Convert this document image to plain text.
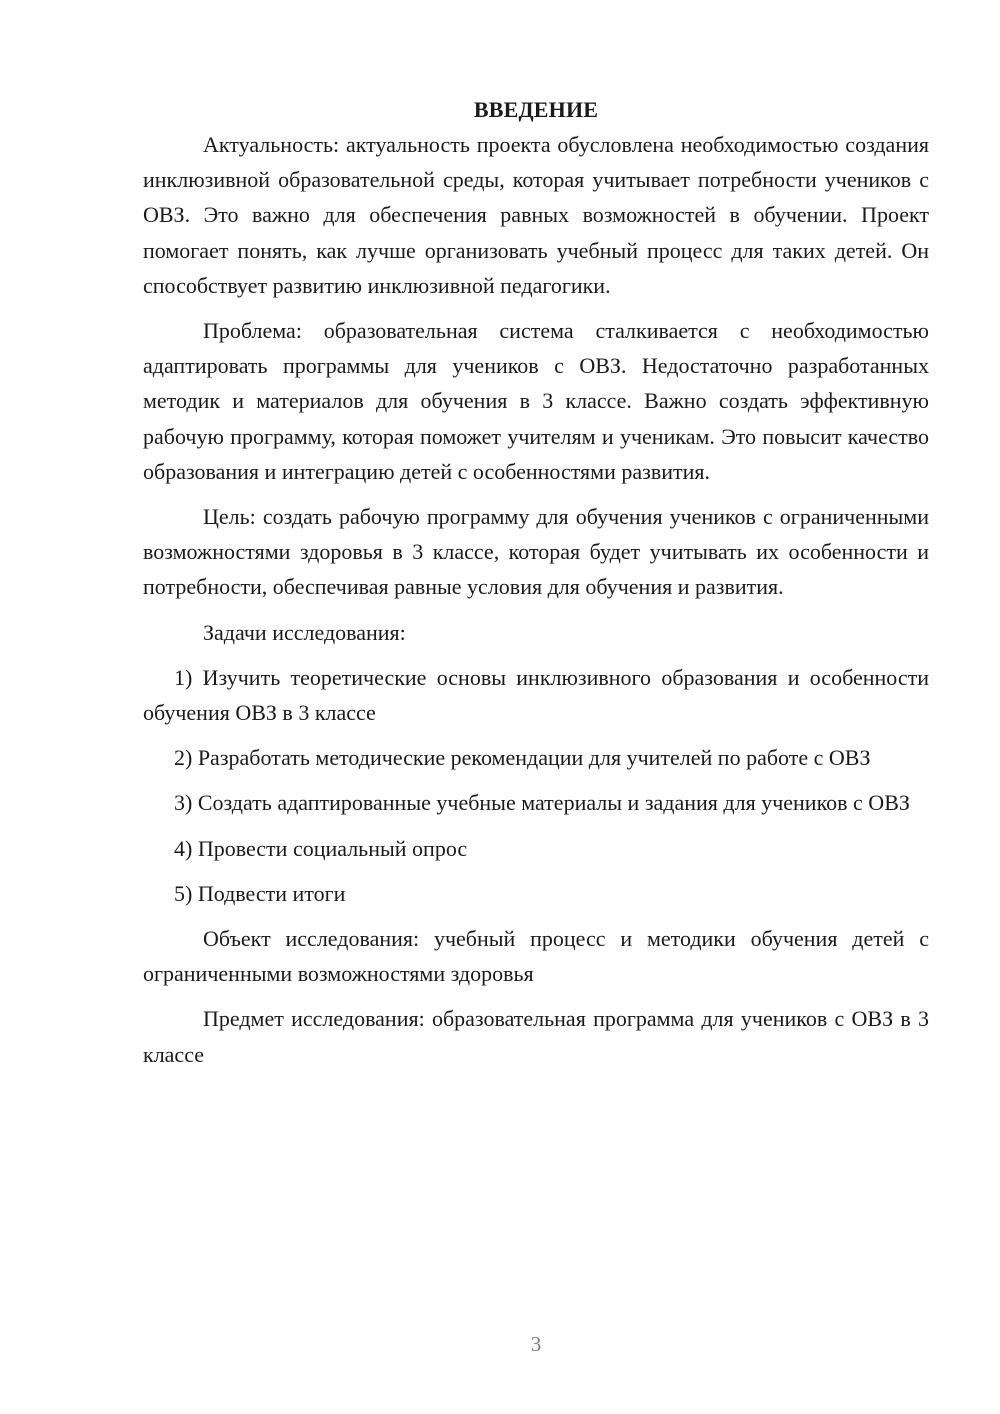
ВВЕДЕНИЕ

Актуальность: актуальность проекта обусловлена необходимостью создания инклюзивной образовательной среды, которая учитывает потребности учеников с ОВЗ. Это важно для обеспечения равных возможностей в обучении. Проект помогает понять, как лучше организовать учебный процесс для таких детей. Он способствует развитию инклюзивной педагогики.

Проблема: образовательная система сталкивается с необходимостью адаптировать программы для учеников с ОВЗ. Недостаточно разработанных методик и материалов для обучения в 3 классе. Важно создать эффективную рабочую программу, которая поможет учителям и ученикам. Это повысит качество образования и интеграцию детей с особенностями развития.

Цель: создать рабочую программу для обучения учеников с ограниченными возможностями здоровья в 3 классе, которая будет учитывать их особенности и потребности, обеспечивая равные условия для обучения и развития.

Задачи исследования:

1) Изучить теоретические основы инклюзивного образования и особенности обучения ОВЗ в 3 классе

2) Разработать методические рекомендации для учителей по работе с ОВЗ

3) Создать адаптированные учебные материалы и задания для учеников с ОВЗ

4) Провести социальный опрос

5) Подвести итоги

Объект исследования: учебный процесс и методики обучения детей с ограниченными возможностями здоровья

Предмет исследования: образовательная программа для учеников с ОВЗ в 3 классе

3
